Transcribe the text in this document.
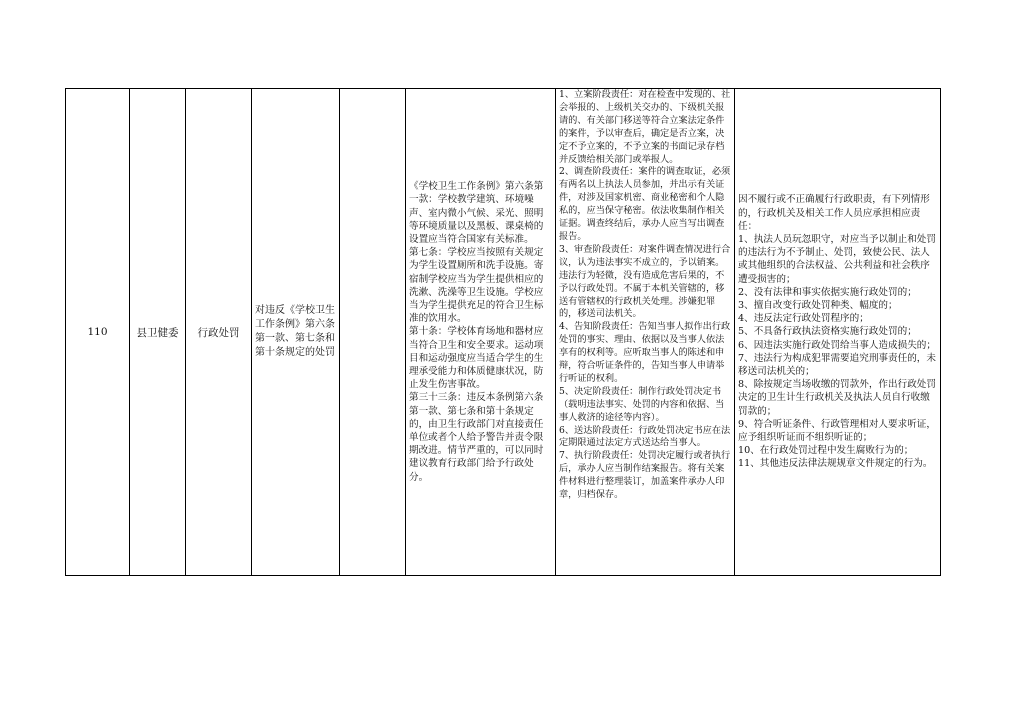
110	县卫健委 行政处罚
对违反《学校卫生工作条例》第六条第一款、第七条和第十条规定的处罚
《学校卫生工作条例》第六条第一款：学校教学建筑、环境噪声、室内微小气候、采光、照明等环境质量以及黑板、课桌椅的设置应当符合国家有关标准。
第七条：学校应当按照有关规定为学生设置厕所和洗手设施。寄宿制学校应当为学生提供相应的洗漱、洗澡等卫生设施。学校应当为学生提供充足的符合卫生标准的饮用水。
第十条：学校体育场地和器材应当符合卫生和安全要求。运动项目和运动强度应当适合学生的生理承受能力和体质健康状况，防止发生伤害事故。
第三十三条：违反本条例第六条第一款、第七条和第十条规定的，由卫生行政部门对直接责任单位或者个人给予警告并责令限期改进。情节严重的，可以同时建议教育行政部门给予行政处分。
1、立案阶段责任：对在检查中发现的、社会举报的、上级机关交办的、下级机关报请的、有关部门移送等符合立案法定条件的案件，予以审查后，确定是否立案，决定不予立案的，不予立案的书面记录存档并反馈给相关部门或举报人。
2、调查阶段责任：案件的调查取证，必须有两名以上执法人员参加，并出示有关证件，对涉及国家机密、商业秘密和个人隐私的，应当保守秘密。依法收集制作相关证据。调查终结后，承办人应当写出调查报告。
3、审查阶段责任：对案件调查情况进行合议，认为违法事实不成立的，予以销案。违法行为轻微，没有造成危害后果的，不予以行政处罚。不属于本机关管辖的，移送有管辖权的行政机关处理。涉嫌犯罪的，移送司法机关。
4、告知阶段责任：告知当事人拟作出行政处罚的事实、理由、依据以及当事人依法享有的权利等。应听取当事人的陈述和申辩，符合听证条件的，告知当事人申请举行听证的权利。
5、决定阶段责任：制作行政处罚决定书（载明违法事实、处罚的内容和依据、当事人救济的途径等内容）。
6、送达阶段责任：行政处罚决定书应在法定期限通过法定方式送达给当事人。
7、执行阶段责任：处罚决定履行或者执行后，承办人应当制作结案报告。将有关案件材料进行整理装订，加盖案件承办人印章，归档保存。
因不履行或不正确履行行政职责，有下列情形的，行政机关及相关工作人员应承担相应责任：
1、执法人员玩忽职守，对应当予以制止和处罚的违法行为不予制止、处罚，致使公民、法人或其他组织的合法权益、公共利益和社会秩序遭受损害的；
2、没有法律和事实依据实施行政处罚的；
3、擅自改变行政处罚种类、幅度的；
4、违反法定行政处罚程序的；
5、不具备行政执法资格实施行政处罚的；
6、因违法实施行政处罚给当事人造成损失的；
7、违法行为构成犯罪需要追究刑事责任的，未移送司法机关的；
8、除按规定当场收缴的罚款外，作出行政处罚决定的卫生计生行政机关及执法人员自行收缴罚款的；
9、符合听证条件、行政管理相对人要求听证，应予组织听证而不组织听证的；
10、在行政处罚过程中发生腐败行为的；
11、其他违反法律法规规章文件规定的行为。
